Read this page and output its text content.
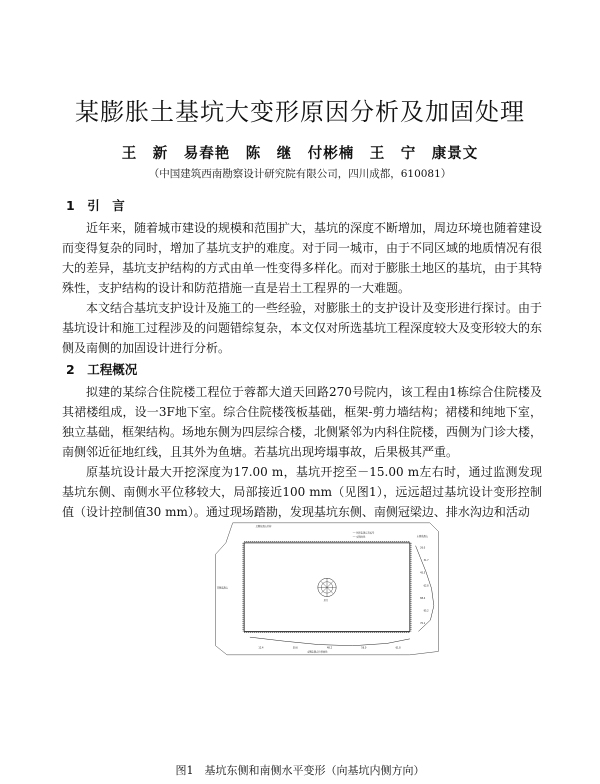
某膨胀土基坑大变形原因分析及加固处理
王　新　易春艳　陈　继　付彬楠　王　宁　康景文
（中国建筑西南勘察设计研究院有限公司，四川成都，610081）
1　引　言

近年来，随着城市建设的规模和范围扩大，基坑的深度不断增加，周边环境也随着建设而变得复杂的同时，增加了基坑支护的难度。对于同一城市，由于不同区域的地质情况有很大的差异，基坑支护结构的方式由单一性变得多样化。而对于膨胀土地区的基坑，由于其特殊性，支护结构的设计和防范措施一直是岩土工程界的一大难题。

本文结合基坑支护设计及施工的一些经验，对膨胀土的支护设计及变形进行探讨。由于基坑设计和施工过程涉及的问题错综复杂，本文仅对所选基坑工程深度较大及变形较大的东侧及南侧的加固设计进行分析。

2　工程概况

拟建的某综合住院楼工程位于蓉都大道天回路270号院内，该工程由1栋综合住院楼及其裙楼组成，设一3F地下室。综合住院楼筏板基础，框架-剪力墙结构；裙楼和纯地下室，独立基础，框架结构。场地东侧为四层综合楼，北侧紧邻为内科住院楼，西侧为门诊大楼，南侧邻近征地红线，且其外为鱼塘。若基坑出现垮塌事故，后果极其严重。

原基坑设计最大开挖深度为17.00 m，基坑开挖至－15.00 m左右时，通过监测发现基坑东侧、南侧水平位移较大，局部接近100 mm（见图1），远远超过基坑设计变形控制值（设计控制值30 mm）。通过现场踏勘，发现基坑东侧、南侧冠梁边、排水沟边和活动

北侧监测点位移
── 位移监测点及编号
── 变形曲线
南侧监测点位移曲线
西侧监测点
东侧监测点
塔吊
26.0
31.7
45.5
62.8
88.4
95.2
70.1
12.4	30.6	48.2	56.0	61.8
图1　基坑东侧和南侧水平变形（向基坑内侧方向）
